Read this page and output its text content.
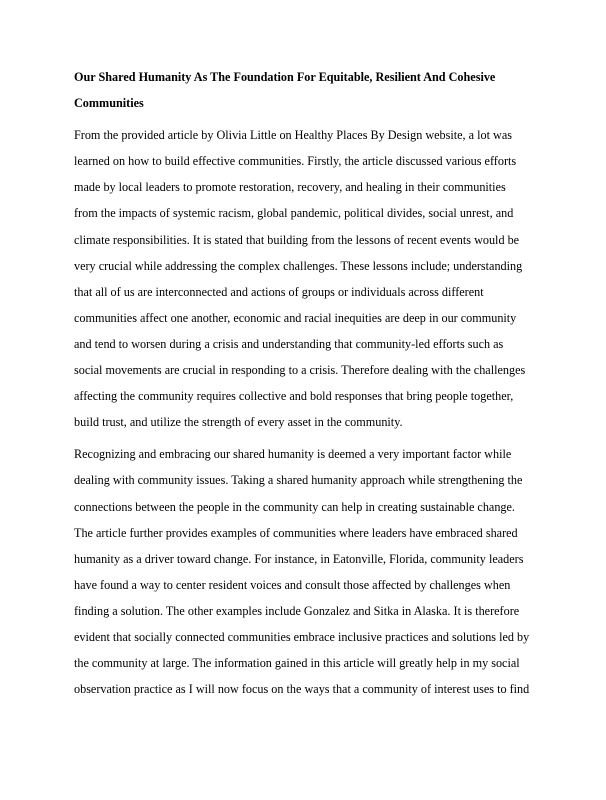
Our Shared Humanity As The Foundation For Equitable, Resilient And Cohesive
Communities
From the provided article by Olivia Little on Healthy Places By Design website, a lot was
learned on how to build effective communities. Firstly, the article discussed various efforts
made by local leaders to promote restoration, recovery, and healing in their communities
from the impacts of systemic racism, global pandemic, political divides, social unrest, and
climate responsibilities. It is stated that building from the lessons of recent events would be
very crucial while addressing the complex challenges. These lessons include; understanding
that all of us are interconnected and actions of groups or individuals across different
communities affect one another, economic and racial inequities are deep in our community
and tend to worsen during a crisis and understanding that community-led efforts such as
social movements are crucial in responding to a crisis. Therefore dealing with the challenges
affecting the community requires collective and bold responses that bring people together,
build trust, and utilize the strength of every asset in the community.
Recognizing and embracing our shared humanity is deemed a very important factor while
dealing with community issues. Taking a shared humanity approach while strengthening the
connections between the people in the community can help in creating sustainable change.
The article further provides examples of communities where leaders have embraced shared
humanity as a driver toward change. For instance, in Eatonville, Florida, community leaders
have found a way to center resident voices and consult those affected by challenges when
finding a solution. The other examples include Gonzalez and Sitka in Alaska. It is therefore
evident that socially connected communities embrace inclusive practices and solutions led by
the community at large. The information gained in this article will greatly help in my social
observation practice as I will now focus on the ways that a community of interest uses to find
